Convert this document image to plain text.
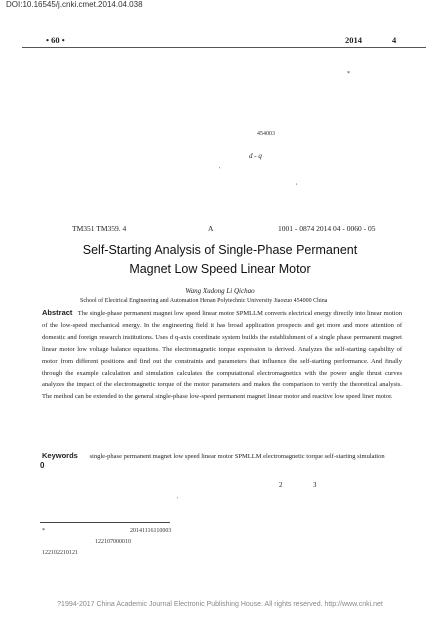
DOI:10.16545/j.cnki.cmet.2014.04.038
• 60 •	2014	4
*
454003
d - q
'
,
TM351 TM359. 4	A	1001 - 0874 2014 04 - 0060 - 05
Self-Starting Analysis of Single-Phase Permanent
Magnet Low Speed Linear Motor
Wang Xudong Li Qichao
School of Electrical Engineering and Automation Henan Polytechnic University Jiaozuo 454000 China
Abstract The single-phase permanent magnet low speed linear motor SPMLLM converts electrical energy directly into linear motion of the low-speed mechanical energy. In the engineering field it has broad application prospects and get more and more attention of domestic and foreign research institutions. Uses d q-axis coordinate system builds the establishment of a single phase permanent magnet linear motor low voltage balance equations. The electromagnetic torque expression is derived. Analyzes the self-starting capability of motor from different positions and find out the constraints and parameters that influence the self-starting performance. And finally through the example calculation and simulation calculates the computational electromagnetics with the power angle thrust curves analyzes the impact of the electromagnetic torque of the motor parameters and makes the comparison to verify the theoretical analysis. The method can be extended to the general single-phase low-speed permanent magnet linear motor and reactive low speed liner motor.
Keywords single-phase permanent magnet low speed linear motor SPMLLM electromagnetic torque self-starting simulation
0
2	3
'
*	20141116110003
122107000010
122102210121
?1994-2017 China Academic Journal Electronic Publishing House. All rights reserved. http://www.cnki.net
